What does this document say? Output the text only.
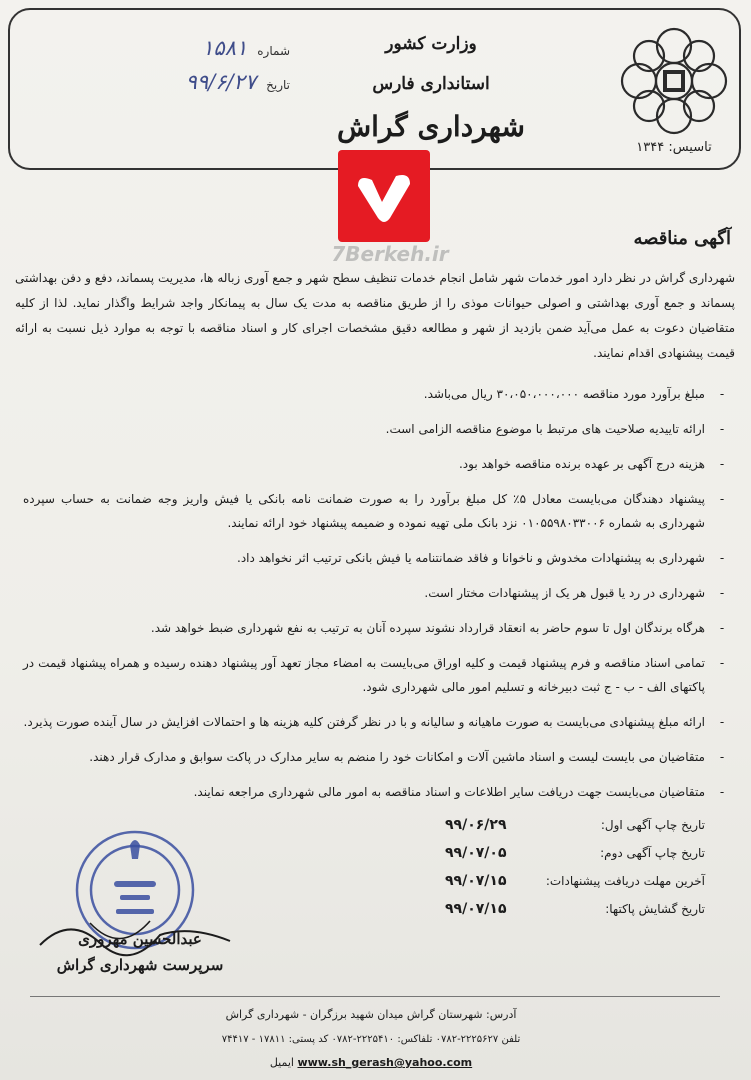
تاسیس: ۱۳۴۴
وزارت کشور
استانداری فارس
شهرداری گراش
شماره
۱۵۸۱
تاریخ
۹۹/۶/۲۷
7Berkeh.ir
آگهی مناقصه

شهرداری گراش در نظر دارد امور خدمات شهر شامل انجام خدمات تنظیف سطح شهر و جمع آوری زباله ها، مدیریت پسماند، دفع و دفن بهداشتی پسماند و جمع آوری بهداشتی و اصولی حیوانات موذی را از طریق مناقصه به مدت یک سال به پیمانکار واجد شرایط واگذار نماید. لذا از کلیه متقاضیان دعوت به عمل می‌آید ضمن بازدید از شهر و مطالعه دقیق مشخصات اجرای کار و اسناد مناقصه با توجه به موارد ذیل نسبت به ارائه قیمت پیشنهادی اقدام نمایند.

-
مبلغ برآورد مورد مناقصه ۳۰،۰۵۰،۰۰۰،۰۰۰ ریال می‌باشد.
-
ارائه تاییدیه صلاحیت های مرتبط با موضوع مناقصه الزامی است.
-
هزینه درج آگهی بر عهده برنده مناقصه خواهد بود.
-
پیشنهاد دهندگان می‌بایست معادل ۵٪ کل مبلغ برآورد را به صورت ضمانت نامه بانکی یا فیش واریز وجه ضمانت به حساب سپرده شهرداری به شماره ۰۱۰۵۵۹۸۰۳۳۰۰۶ نزد بانک ملی تهیه نموده و ضمیمه پیشنهاد خود ارائه نمایند.
-
شهرداری به پیشنهادات مخدوش و ناخوانا و فاقد ضمانتنامه یا فیش بانکی ترتیب اثر نخواهد داد.
-
شهرداری در رد یا قبول هر یک از پیشنهادات مختار است.
-
هرگاه برندگان اول تا سوم حاضر به انعقاد قرارداد نشوند سپرده آنان به ترتیب به نفع شهرداری ضبط خواهد شد.
-
تمامی اسناد مناقصه و فرم پیشنهاد قیمت و کلیه اوراق می‌بایست به امضاء مجاز تعهد آور پیشنهاد دهنده رسیده و همراه پیشنهاد قیمت در پاکتهای الف - ب - ج ثبت دبیرخانه و تسلیم امور مالی شهرداری شود.
-
ارائه مبلغ پیشنهادی می‌بایست به صورت ماهیانه و سالیانه و با در نظر گرفتن کلیه هزینه ها و احتمالات افزایش در سال آینده صورت پذیرد.
-
متقاضیان می بایست لیست و اسناد ماشین آلات و امکانات خود را منضم به سایر مدارک در پاکت سوابق و مدارک قرار دهند.
-
متقاضیان می‌بایست جهت دریافت سایر اطلاعات و اسناد مناقصه به امور مالی شهرداری مراجعه نمایند.
تاریخ چاپ آگهی اول:
۹۹/۰۶/۲۹
تاریخ چاپ آگهی دوم:
۹۹/۰۷/۰۵
آخرین مهلت دریافت پیشنهادات:
۹۹/۰۷/۱۵
تاریخ گشایش پاکتها:
۹۹/۰۷/۱۵
عبدالحسین مهروری
سرپرست شهرداری گراش
آدرس: شهرستان گراش میدان شهید برزگران - شهرداری گراش
تلفن ۲۲۲۵۶۲۷-۰۷۸۲ تلفاکس: ۲۲۲۵۴۱۰-۰۷۸۲ کد پستی: ۱۷۸۱۱ - ۷۴۴۱۷
www.sh_gerash@yahoo.com ایمیل
